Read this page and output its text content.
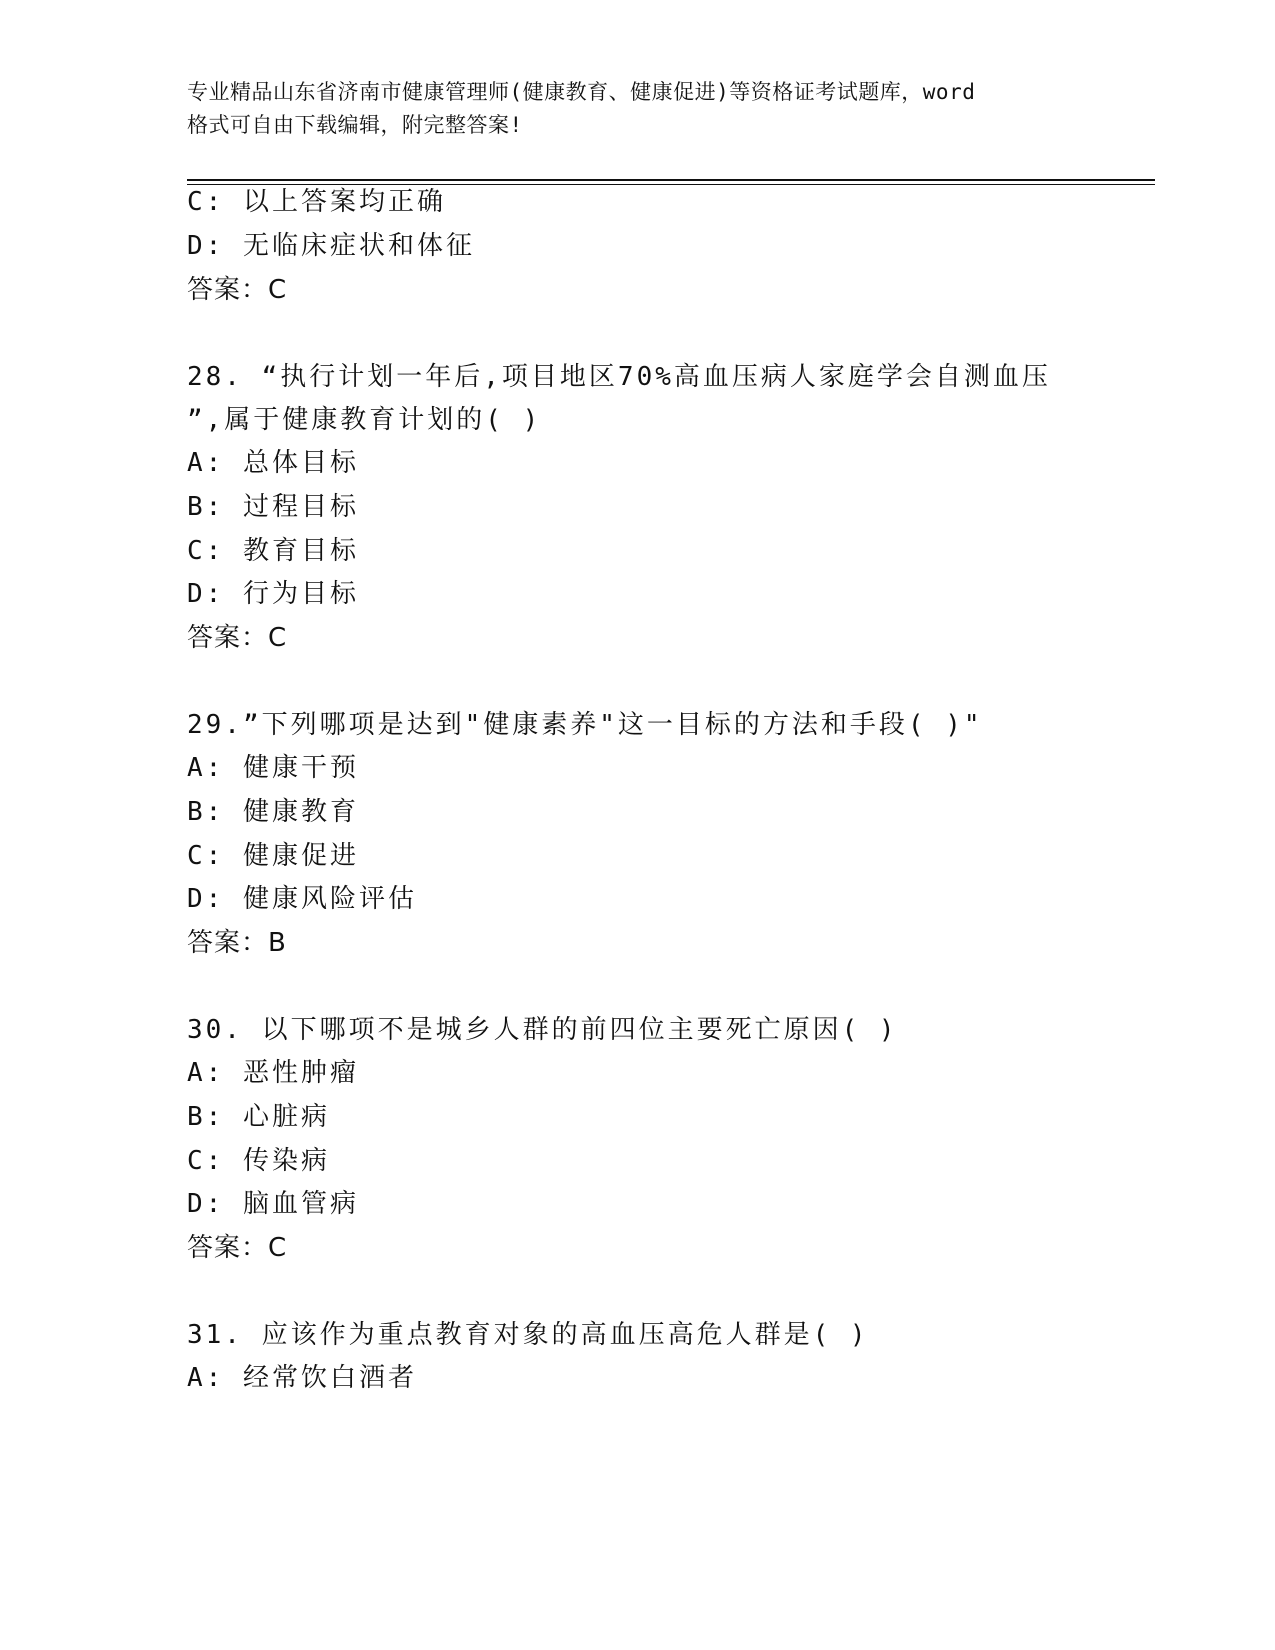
专业精品山东省济南市健康管理师(健康教育、健康促进)等资格证考试题库，word
格式可自由下载编辑，附完整答案!
C: 以上答案均正确
D: 无临床症状和体征
答案：C
28. “执行计划一年后,项目地区70%高血压病人家庭学会自测血压
”,属于健康教育计划的( )
A: 总体目标
B: 过程目标
C: 教育目标
D: 行为目标
答案：C
29.”下列哪项是达到"健康素养"这一目标的方法和手段( )"
A: 健康干预
B: 健康教育
C: 健康促进
D: 健康风险评估
答案：B
30. 以下哪项不是城乡人群的前四位主要死亡原因( )
A: 恶性肿瘤
B: 心脏病
C: 传染病
D: 脑血管病
答案：C
31. 应该作为重点教育对象的高血压高危人群是( )
A: 经常饮白酒者
